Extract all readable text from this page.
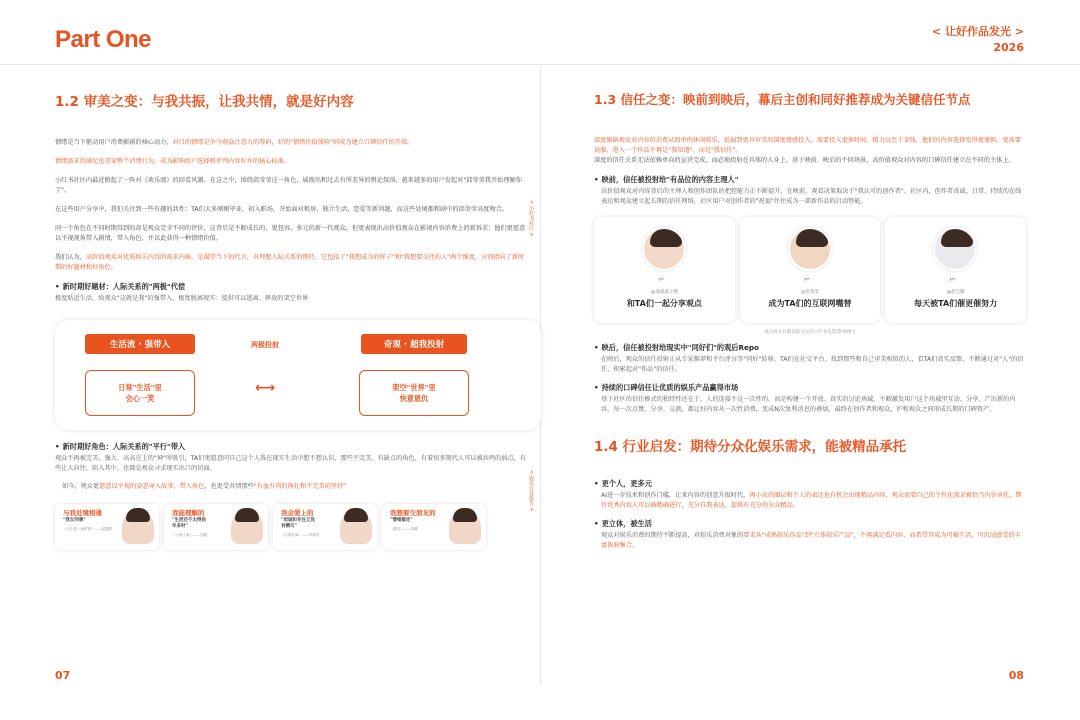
Part One	< 让好作品发光 >
2026
< 小红书社区 >
< 娱乐行业报告 >
1.2 审美之变：与我共振，让我共情，就是好内容
情绪是当下驱动用户消费影剧的核心动力，对口的情绪是争夺观众注意力的筹码，好的"情绪价值体验"则成为建立口碑信任的开端。
情绪需求的满足也贯穿整个消费行为，成为影响用户选择和评判内容好坏的核心标准。
小红书社区内最近掀起了一阵对《欢乐颂》的回看风潮。在这之中，围绕邱莹莹这一角色，展现出和过去有所差异的舆论氛围，越来越多的用户发起对"邱莹莹我开始理解你了"。
在这些用户分享中，我们关注到一些有趣的共性：TA们大多刚刚毕业，初入职场，开始面对租房、独立生活、恋爱等新问题，而这些处境都和剧中的邱莹莹高度吻合。
同一个角色在不同时期得到的却是观众完全不同的评价，这背后是不断成长的、更包容、多元的新一代观众，但更表现出高价值观众在影视内容消费上的新诉求：他们更愿意以平视视角带入剧情，带入角色，并以此获得一种情绪价值。
我们认为，高价值观众对优质娱乐内容的需求内核，是渴望当下的代言，对理想人际关系的期待。它包括了"我想成为的样子"和"我想要交往的人"两个维度，分别指向了新时期的好题材和好角色。
• 新时期好题材：人际关系的"两极"代偿
极度贴近生活、给观众"这就是我"的强带入，极度脱离现实：提供可以逃离、释放的架空世界
生活流 · 强带入	奇观 · 超我投射
两极投射
日常"生活"里
会心一笑
架空"世界"里
快意恩仇
⟷
• 新时期好角色：人际关系的"平行"带入
观众不再被完美、强大、高高在上的"神"所吸引，TA们更愿意同自己这个人我在现实生活中想不想认识，那些不完美、有缺点的角色，有着很多现代人可以被共鸣的弱点，有些让人向往，陷入其中，也都是观众寻求现实出口的切面。
如今，观众更愿意以平视的姿态导入故事，带入角色，也更受共情那些"有血有肉的挣扎和不完美的坚持"
与我处境相通
"我女同事"
《人生是一场旷野》——赵露思
我能理解的
"生活还不太得劲
年多时"
《小巷人家》——闫妮
我会爱上的
"坦诚和专注又没
有精巧"
《大梦归离》——侯明昊
我想要交朋友的
"情绪稳定"
《繁花》——胡歌
07
1.3 信任之变：映前到映后，幕后主创和同好推荐成为关键信任节点
深度影剧观众对内容的消费从简单的休闲娱乐，延展到更具审美的深度情感投入，需要投入更多时间、精力以至于金钱，他们的内容选择变得更谨慎，更需要说服，进入一个作品不再是"我知道"，而是"我信任"。
深度的信任关系无法依赖单向的宣讲完成，而必须投射在具体的人身上。基于映前、映后的不同场景，高价值观众对内容的口碑信任建立在不同的主体上。
• 映前，信任被投射给"有品位的内容主理人"
高价值观众对内容背后的主理人和创作团队的把控能力正不断提升，在映前，观看决策取决于"我认可的创作者"。社区内，创作者真诚、日常、持续的在线表达和观众建立起长期的信任网络，社区用户对创作者的"祝福"往往成为一部新作品的启动势能。
⌐
@蒲蒲森子楼
和TA们一起分享观点
⌐
@唐葵类
成为TA们的互联网嘴替
⌐
@赵宝鹏
每天被TA们催更催努力
部分观众长期追踪关注的小红书电影/影视博主
• 映后，信任被投射给现实中"同好们"的观后Repo
在映后，观众的信任投射正从专家推荐和平台评分等"同好"转移。TA们在社交平台、找到那些和自己审美相似的人，看TA们真实反馈，不断通过对"人"的信任，积累起对"作品"的信任。
• 持续的口碑信任让优质的娱乐产品赢得市场
基于社区的信任模式的独特性还在于，人的连接不是一次性的，而是构建一个开放、真实的讨论场域，不断激发用户这个场域里互动、分享，产出新的内容。每一次点赞、分享、交流，都让好内容从一次性消费，变成N次复利消息的叠加，最终在创作者和观众、护和观众之间形成长期的口碑资产。
1.4 行业启发：期待分众化娱乐需求，能被精品承托
• 更个人，更多元
AI进一步技术和创作门槛，让来内容的创意升级时代，再小众的圈层和个人的表达也有机会出现精品内容，观众需要自己的个性化需求被恰当内容承托，期待优秀内容人可以被精确进行，充分自我表达，提供有充分的分众精品。
• 更立体，被生活
观众对娱乐消费的期待不断提高，对娱乐消费对象的要求从"成熟娱乐作品"到"立体娱乐产品"，不再满足看内容，而希望其成为可被生活，可沉浸感受的丰富体验集合。
08
